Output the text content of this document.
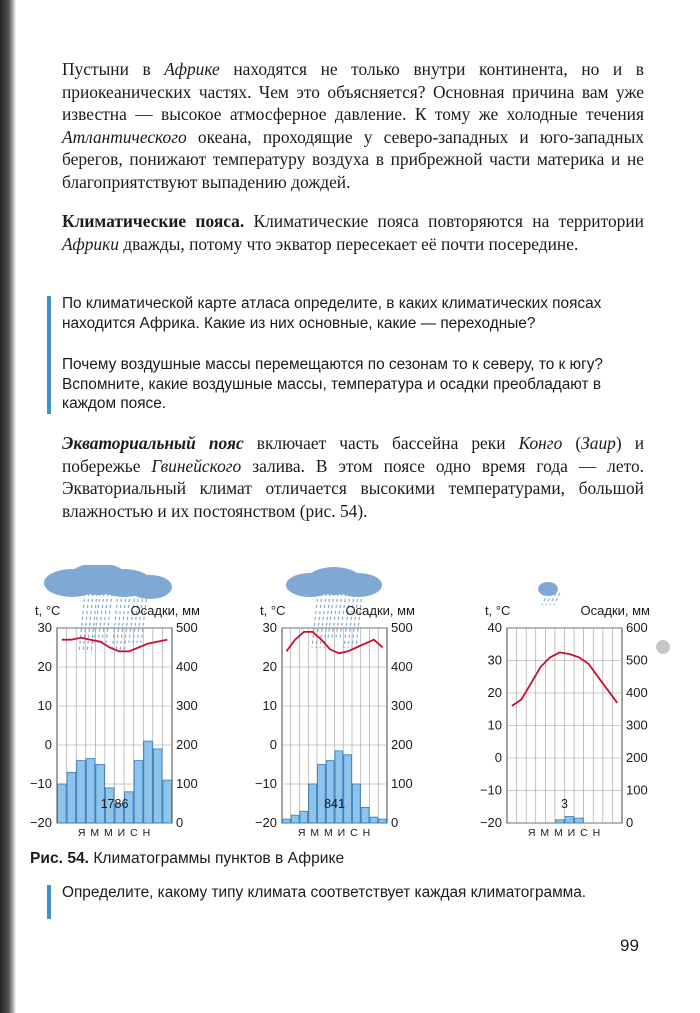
Пустыни в Африке находятся не только внутри континента, но и в приокеанических частях. Чем это объясняется? Основная причина вам уже известна — высокое атмосферное давление. К тому же холодные течения Атлантического океана, проходящие у северо-западных и юго-западных берегов, понижают температуру воздуха в прибрежной части материка и не благоприятствуют выпадению дождей.

Климатические пояса. Климатические пояса повторяются на территории Африки дважды, потому что экватор пересекает её почти посередине.

По климатической карте атласа определите, в каких климатических поясах находится Африка. Какие из них основные, какие — переходные?

Почему воздушные массы перемещаются по сезонам то к северу, то к югу? Вспомните, какие воздушные массы, температура и осадки преобладают в каждом поясе.

Экваториальный пояс включает часть бассейна реки Конго (Заир) и побережье Гвинейского залива. В этом поясе одно время года — лето. Экваториальный климат отличается высокими температурами, большой влажностью и их постоянством (рис. 54).

t, °C	Осадки, мм
30	500
20	400
10	300
0	200
−10	100
−20	0
1786
Я М М И С Н
t, °C	Осадки, мм
30	500
20	400
10	300
0	200
−10	100
−20	0
841
Я М М И С Н
t, °C	Осадки, мм
40	600
30	500
20	400
10	300
0	200
−10	100
−20	0
3
Я М М И С Н

Рис. 54. Климатограммы пунктов в Африке

Определите, какому типу климата соответствует каждая климатограмма.

99
